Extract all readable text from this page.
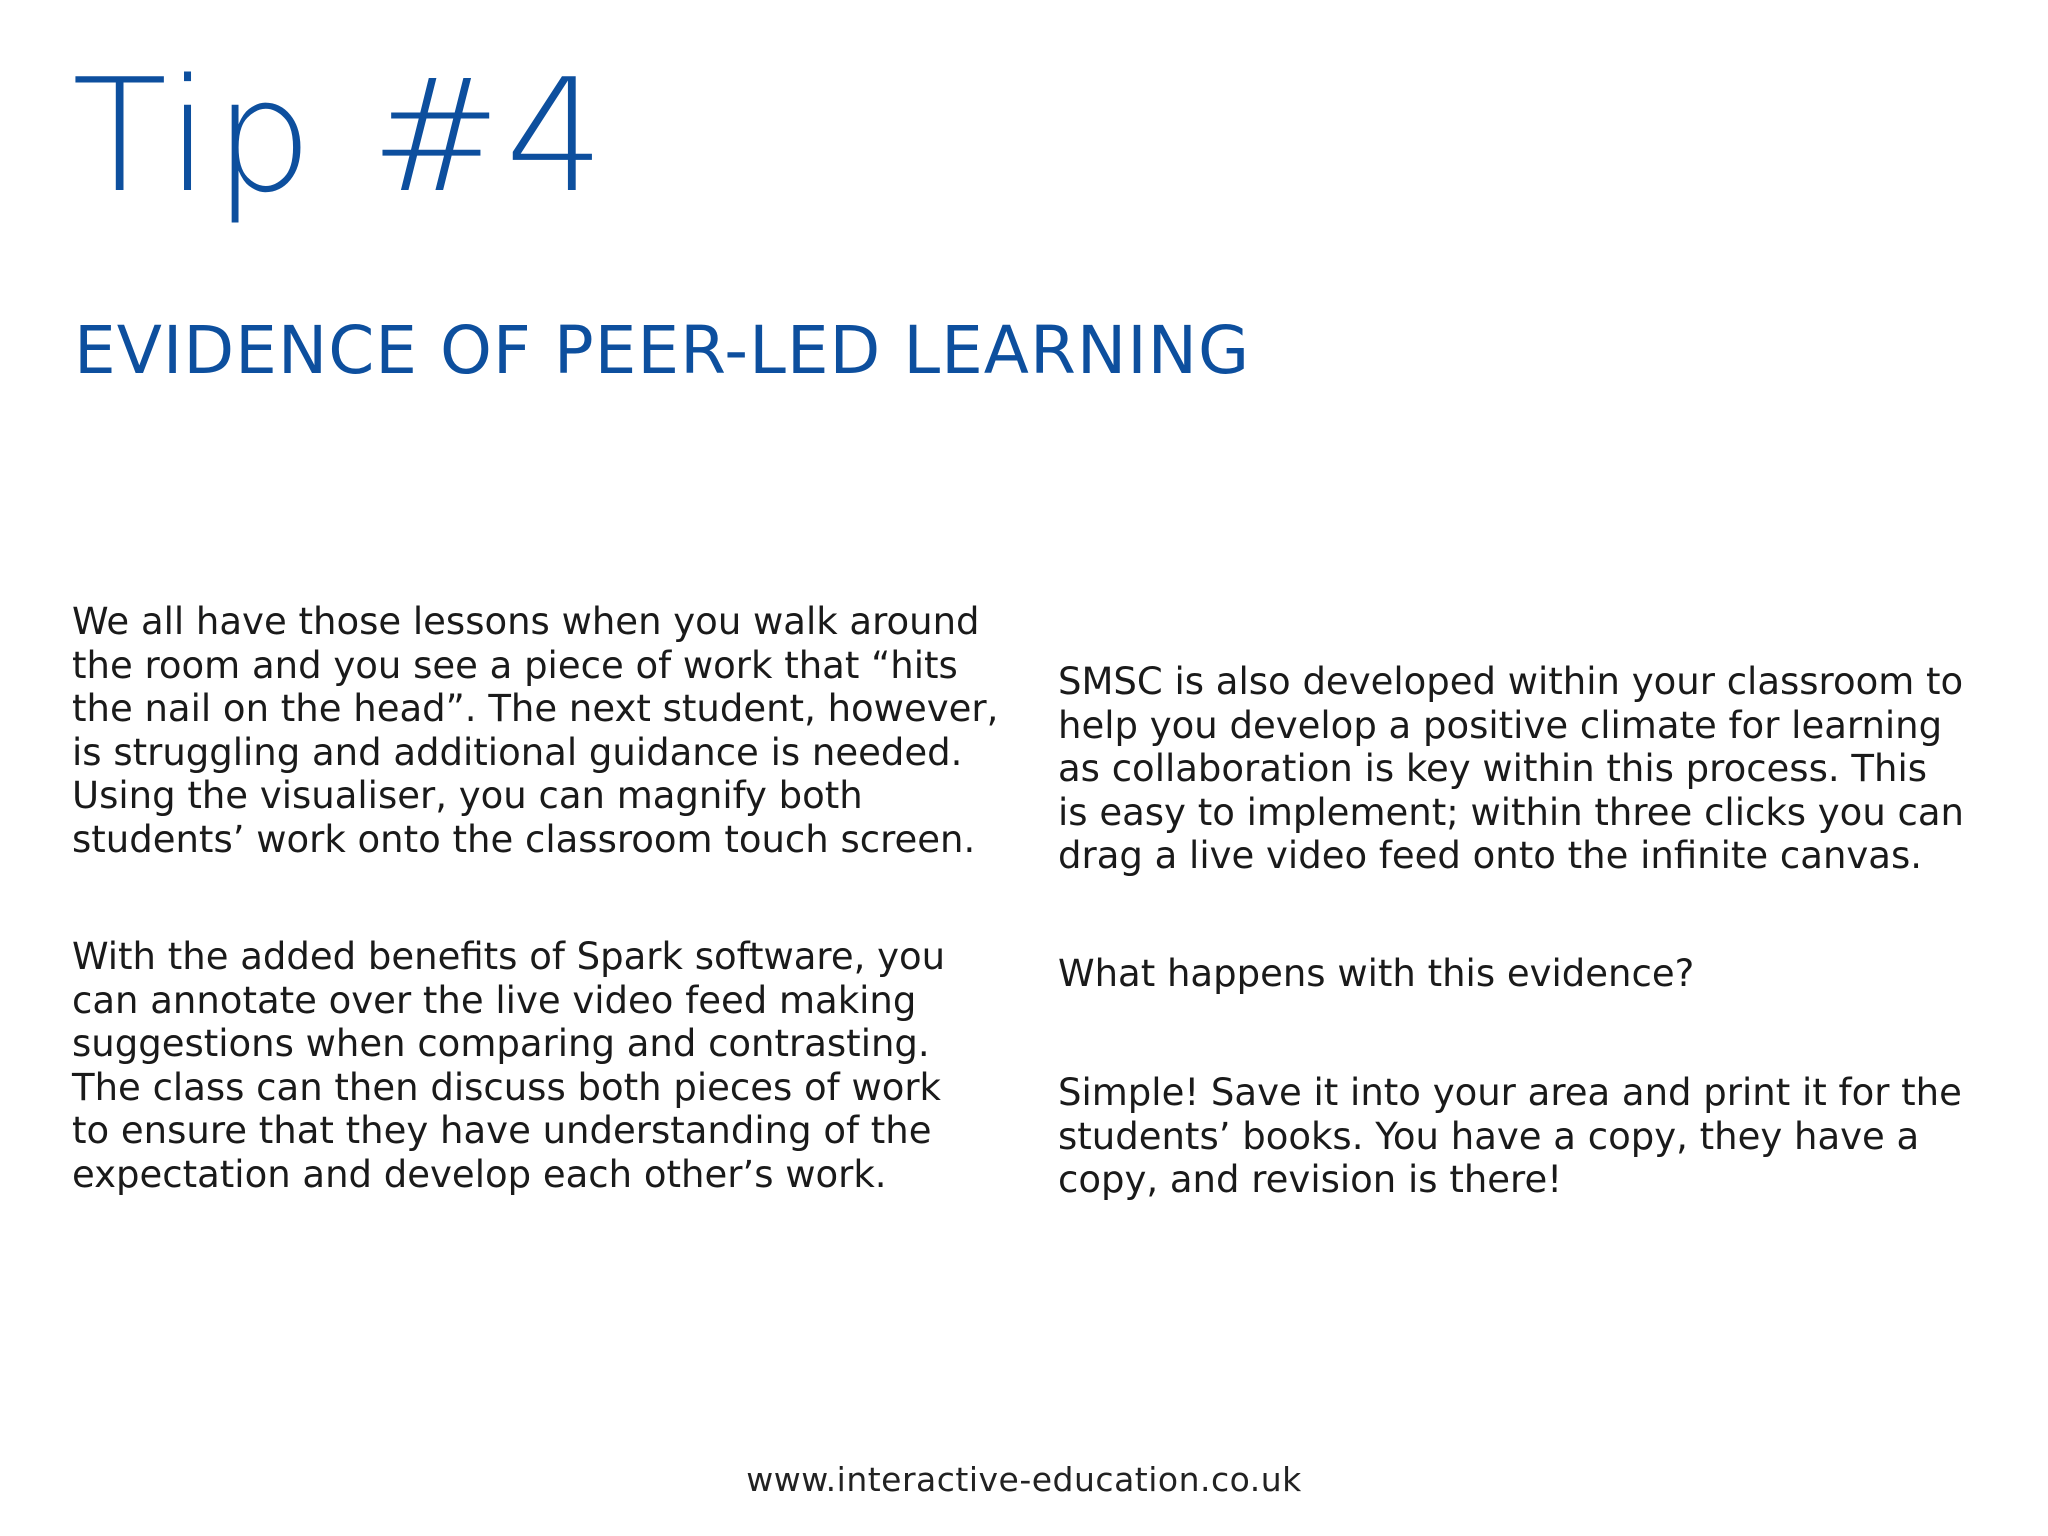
Tip #4
EVIDENCE OF PEER-LED LEARNING

We all have those lessons when you walk around
the room and you see a piece of work that “hits
the nail on the head”. The next student, however,
is struggling and additional guidance is needed.
Using the visualiser, you can magnify both
students’ work onto the classroom touch screen.

With the added benefits of Spark software, you
can annotate over the live video feed making
suggestions when comparing and contrasting.
The class can then discuss both pieces of work
to ensure that they have understanding of the
expectation and develop each other’s work.

SMSC is also developed within your classroom to
help you develop a positive climate for learning
as collaboration is key within this process. This
is easy to implement; within three clicks you can
drag a live video feed onto the infinite canvas.

What happens with this evidence?

Simple! Save it into your area and print it for the
students’ books. You have a copy, they have a
copy, and revision is there!

www.interactive-education.co.uk
